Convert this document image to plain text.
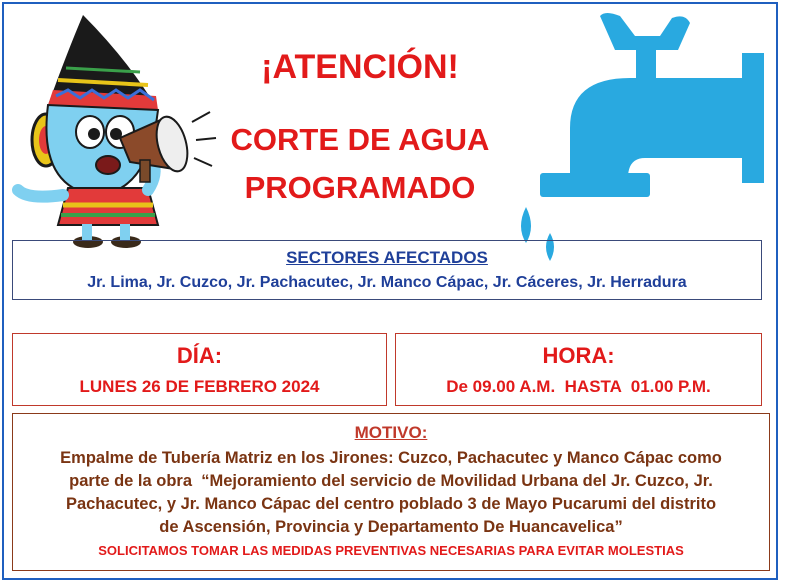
¡ATENCIÓN!
CORTE DE AGUA
PROGRAMADO
SECTORES AFECTADOS
Jr. Lima, Jr. Cuzco, Jr. Pachacutec, Jr. Manco Cápac, Jr. Cáceres, Jr. Herradura
DÍA:
LUNES 26 DE FEBRERO 2024
HORA:
De 09.00 A.M.  HASTA  01.00 P.M.
MOTIVO:
Empalme de Tubería Matriz en los Jirones: Cuzco, Pachacutec y Manco Cápac como
parte de la obra  “Mejoramiento del servicio de Movilidad Urbana del Jr. Cuzco, Jr.
Pachacutec, y Jr. Manco Cápac del centro poblado 3 de Mayo Pucarumi del distrito
de Ascensión, Provincia y Departamento De Huancavelica”
SOLICITAMOS TOMAR LAS MEDIDAS PREVENTIVAS NECESARIAS PARA EVITAR MOLESTIAS
